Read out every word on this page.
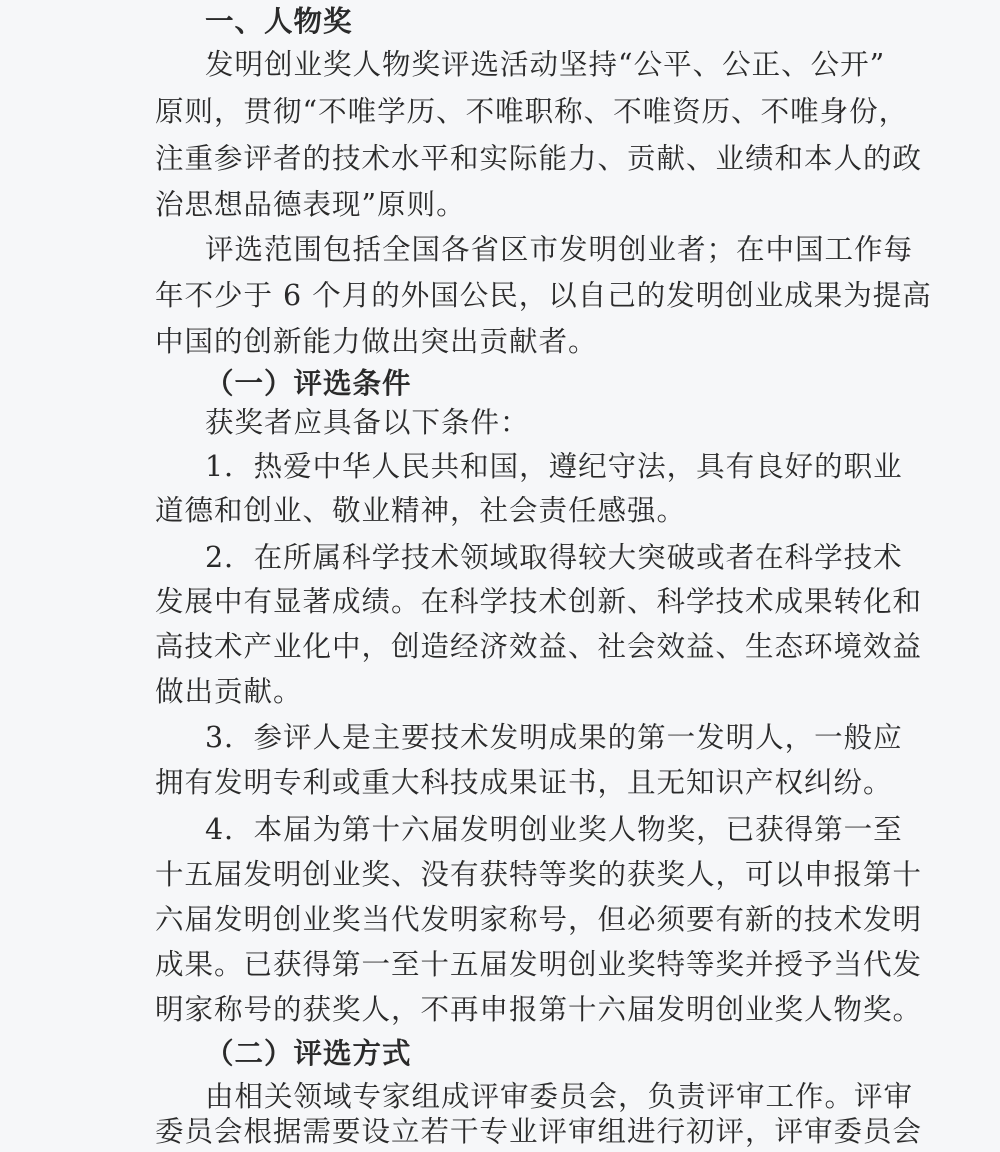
一、人物奖
发明创业奖人物奖评选活动坚持“公平、公正、公开”
原则，贯彻“不唯学历、不唯职称、不唯资历、不唯身份，
注重参评者的技术水平和实际能力、贡献、业绩和本人的政
治思想品德表现”原则。
评选范围包括全国各省区市发明创业者；在中国工作每
年不少于 6 个月的外国公民，以自己的发明创业成果为提高
中国的创新能力做出突出贡献者。
（一）评选条件
获奖者应具备以下条件：
1．热爱中华人民共和国，遵纪守法，具有良好的职业
道德和创业、敬业精神，社会责任感强。
2．在所属科学技术领域取得较大突破或者在科学技术
发展中有显著成绩。在科学技术创新、科学技术成果转化和
高技术产业化中，创造经济效益、社会效益、生态环境效益
做出贡献。
3．参评人是主要技术发明成果的第一发明人，一般应
拥有发明专利或重大科技成果证书，且无知识产权纠纷。
4．本届为第十六届发明创业奖人物奖，已获得第一至
十五届发明创业奖、没有获特等奖的获奖人，可以申报第十
六届发明创业奖当代发明家称号，但必须要有新的技术发明
成果。已获得第一至十五届发明创业奖特等奖并授予当代发
明家称号的获奖人，不再申报第十六届发明创业奖人物奖。
（二）评选方式
由相关领域专家组成评审委员会，负责评审工作。评审
委员会根据需要设立若干专业评审组进行初评，评审委员会
